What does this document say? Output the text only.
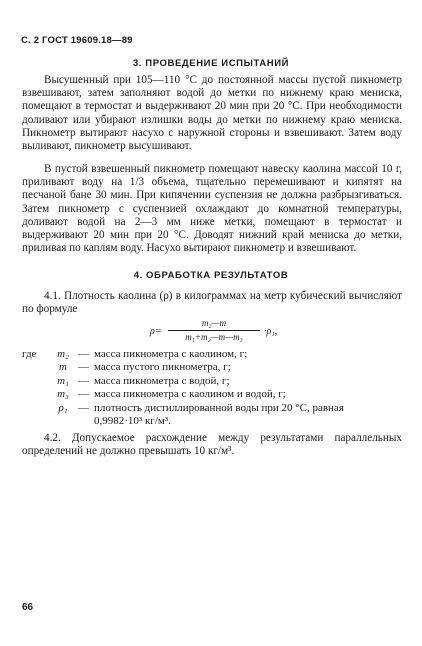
С. 2 ГОСТ 19609.18—89
3. ПРОВЕДЕНИЕ ИСПЫТАНИЙ

Высушенный при 105—110 °С до постоянной массы пустой пикнометр взвешивают, затем заполняют водой до метки по нижнему краю мениска, помещают в термостат и выдерживают 20 мин при 20 °С. При необходимости доливают или убирают излишки воды до метки по нижнему краю мениска. Пикнометр вытирают насухо с наружной стороны и взвешивают. Затем воду выливают, пикнометр высушивают.

В пустой взвешенный пикнометр помещают навеску каолина массой 10 г, приливают воду на 1/3 объема, тщательно перемешивают и кипятят на песчаной бане 30 мин. При кипячении суспензия не должна разбрызгиваться. Затем пикнометр с суспензией охлаждают до комнатной температуры, доливают водой на 2—3 мм ниже метки, помещают в термостат и выдерживают 20 мин при 20 °С. Доводят нижний край мениска до метки, приливая по каплям воду. Насухо вытирают пикнометр и взвешивают.

4. ОБРАБОТКА РЕЗУЛЬТАТОВ

4.1. Плотность каолина (ρ) в килограммах на метр кубический вычисляют по формуле

ρ=
m₂—m
m₁+m₂—m—m₃	·ρ₁,
где	m₂ — масса пикнометра с каолином, г;
m	— масса пустого пикнометра, г;
m₁ — масса пикнометра с водой, г;
m₃ — масса пикнометра с каолином и водой, г;
ρ₁ — плотность дистиллированной воды при 20 °С, равная
0,9982·10³ кг/м³.

4.2. Допускаемое расхождение между результатами параллельных определений не должно превышать 10 кг/м³.

66
